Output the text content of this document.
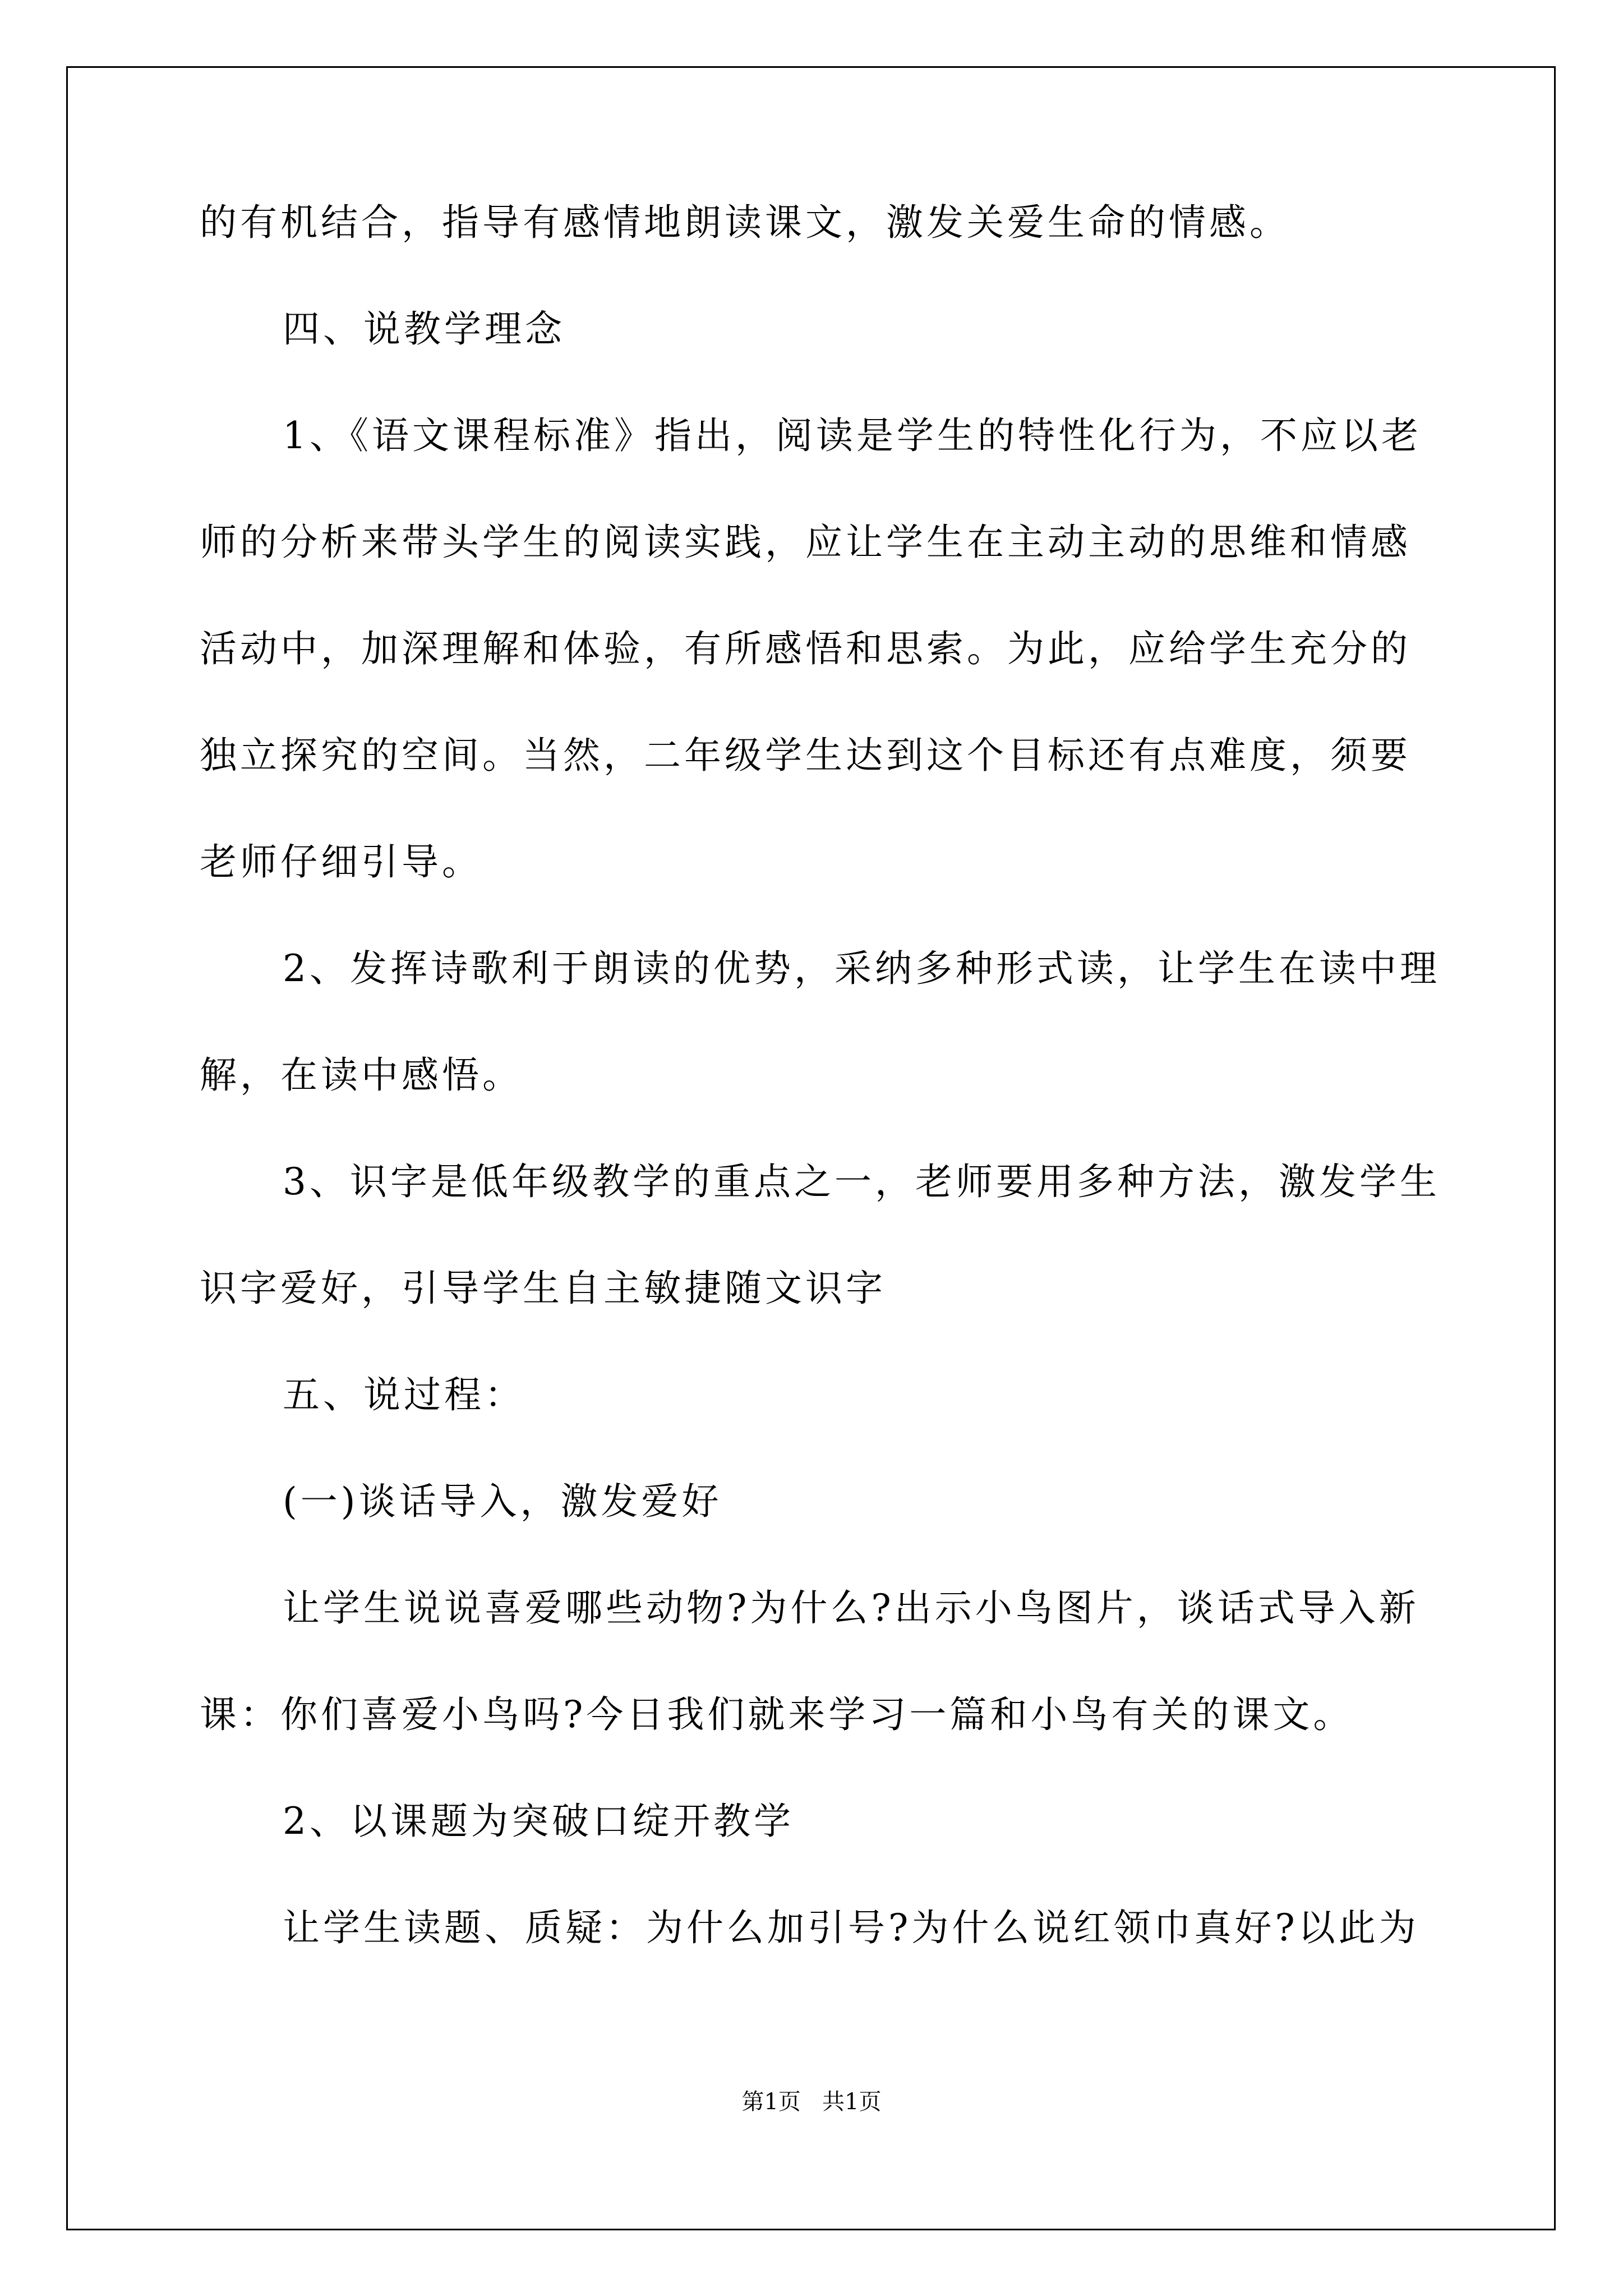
的有机结合，指导有感情地朗读课文，激发关爱生命的情感。
四、说教学理念
1、《语文课程标准》指出，阅读是学生的特性化行为，不应以老
师的分析来带头学生的阅读实践，应让学生在主动主动的思维和情感
活动中，加深理解和体验，有所感悟和思索。为此，应给学生充分的
独立探究的空间。当然，二年级学生达到这个目标还有点难度，须要
老师仔细引导。
2、发挥诗歌利于朗读的优势，采纳多种形式读，让学生在读中理
解，在读中感悟。
3、识字是低年级教学的重点之一，老师要用多种方法，激发学生
识字爱好，引导学生自主敏捷随文识字
五、说过程：
(一)谈话导入，激发爱好
让学生说说喜爱哪些动物?为什么?出示小鸟图片，谈话式导入新
课：你们喜爱小鸟吗?今日我们就来学习一篇和小鸟有关的课文。
2、以课题为突破口绽开教学
让学生读题、质疑：为什么加引号?为什么说红领巾真好?以此为
第1页   共1页
